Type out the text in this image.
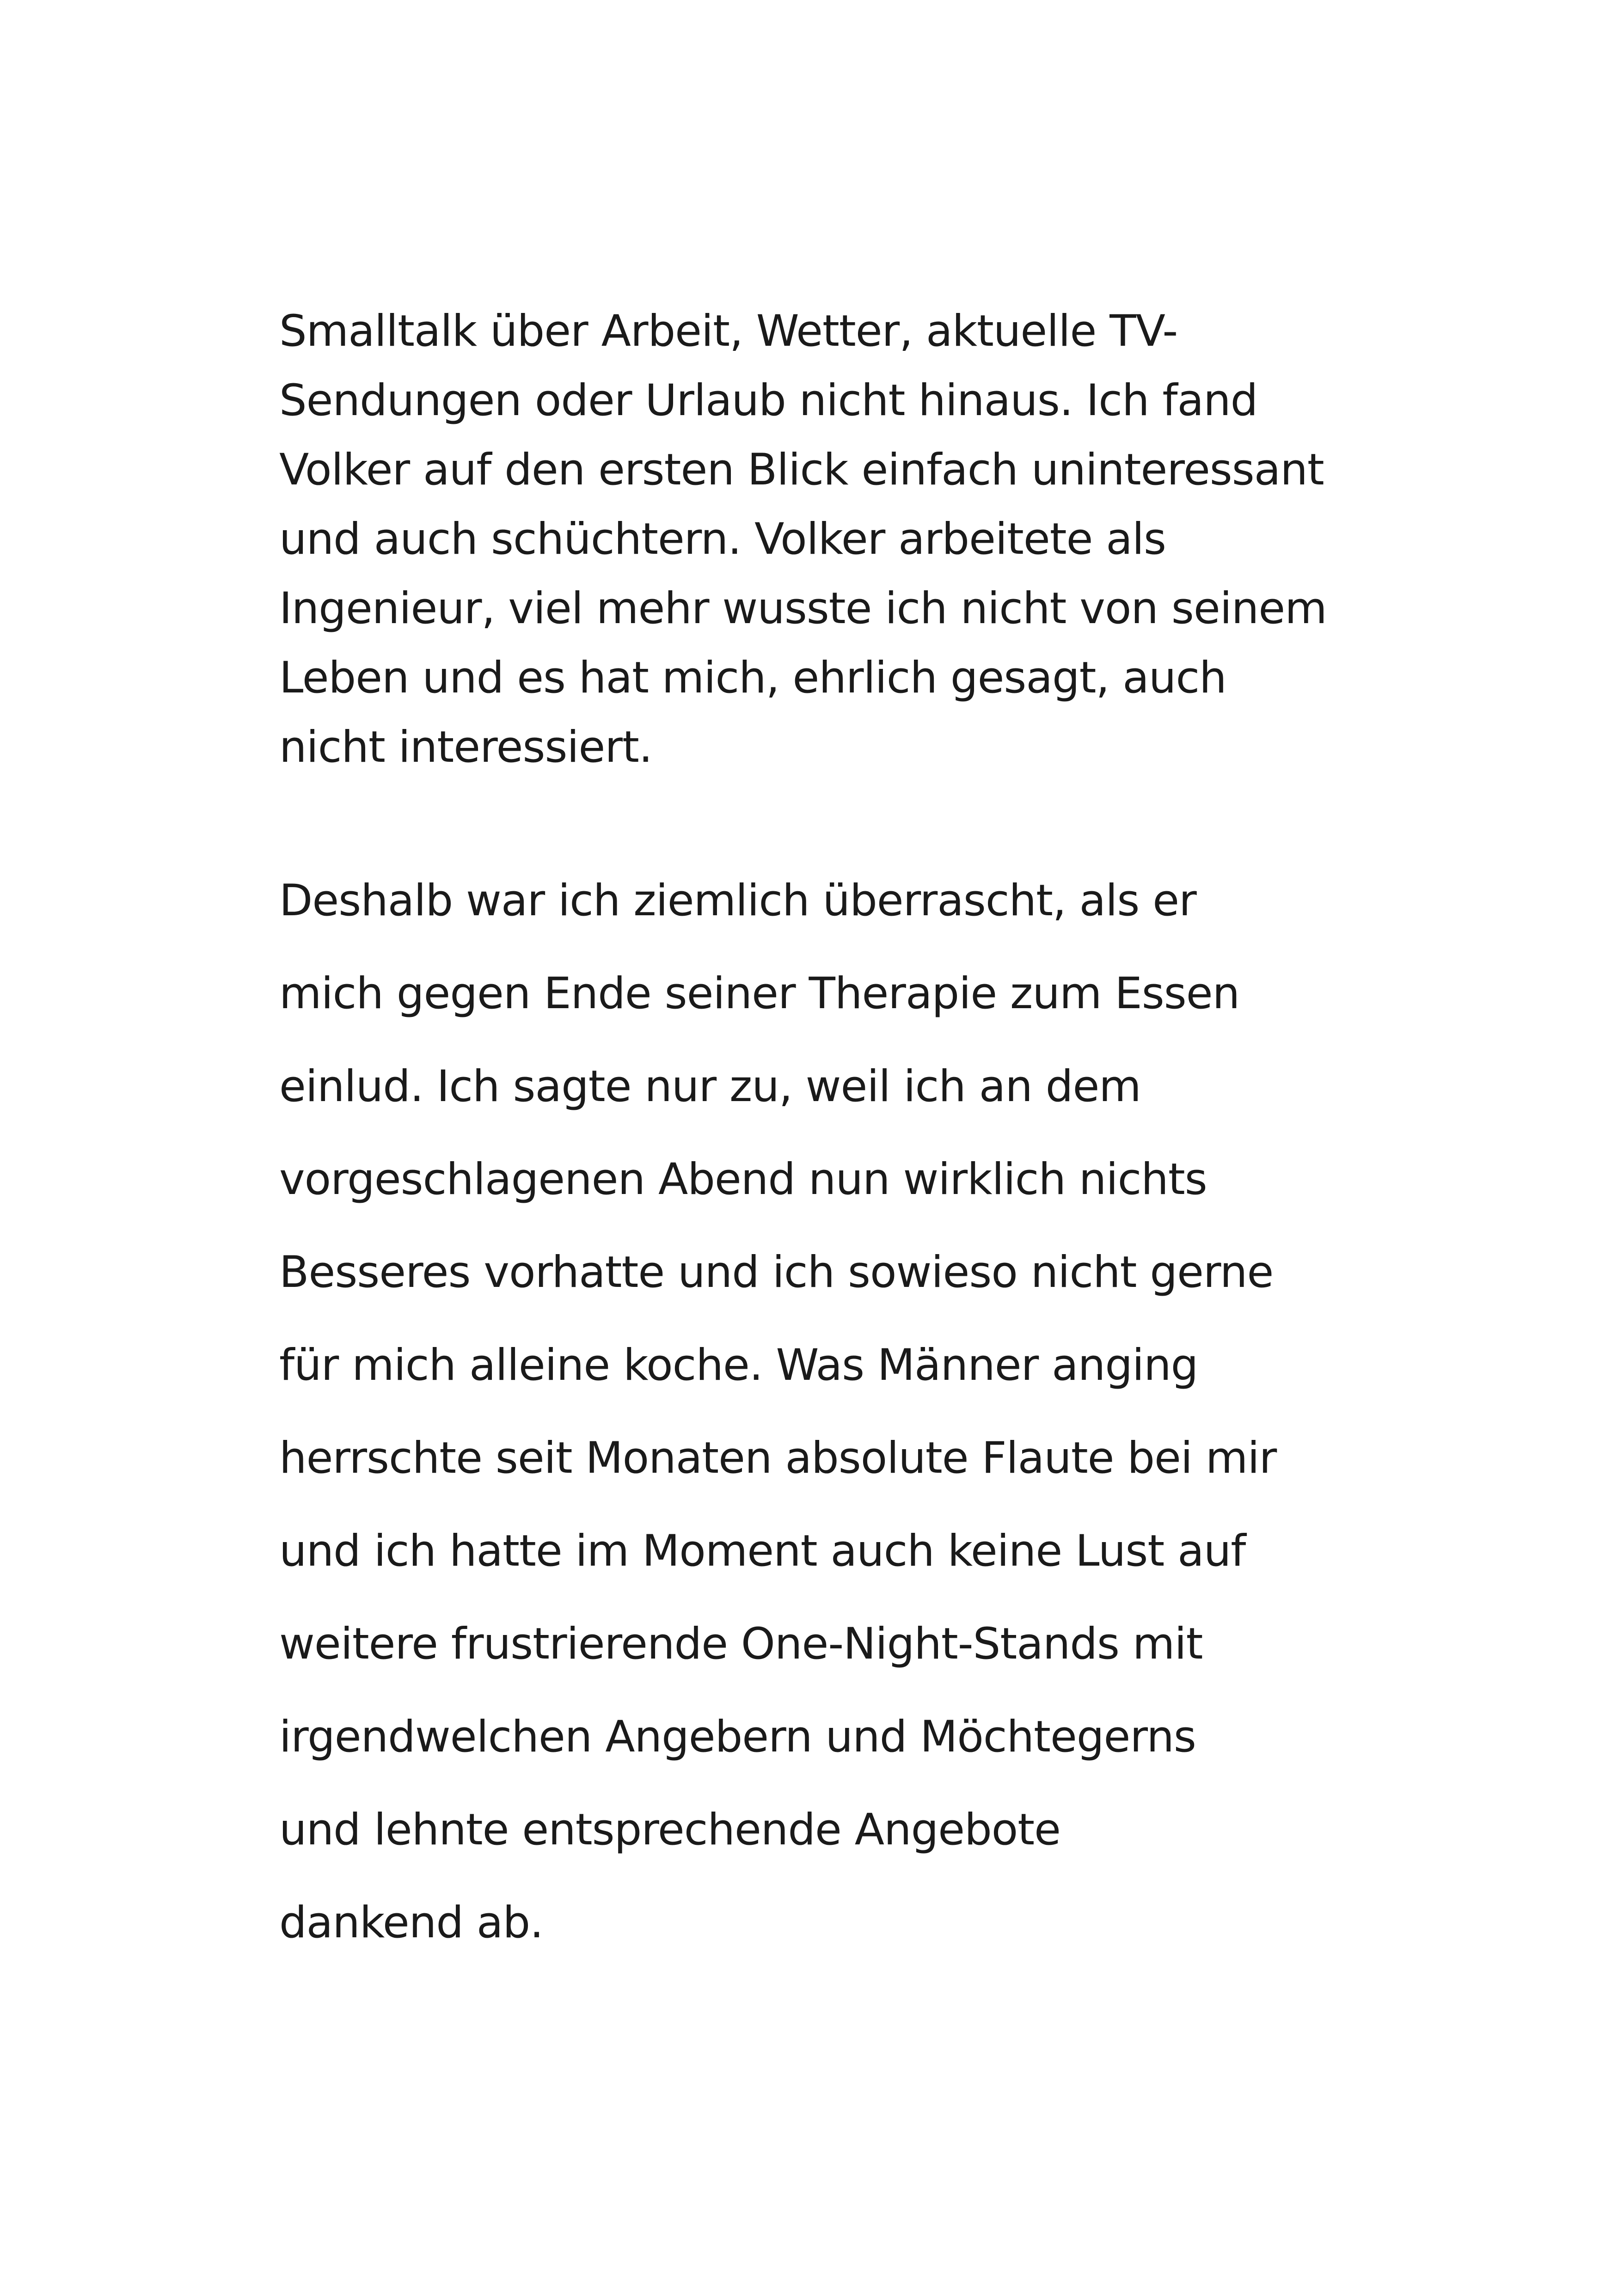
Smalltalk über Arbeit, Wetter, aktuelle TV-
Sendungen oder Urlaub nicht hinaus. Ich fand
Volker auf den ersten Blick einfach uninteressant
und auch schüchtern. Volker arbeitete als
Ingenieur, viel mehr wusste ich nicht von seinem
Leben und es hat mich, ehrlich gesagt, auch
nicht interessiert.
Deshalb war ich ziemlich überrascht, als er
mich gegen Ende seiner Therapie zum Essen
einlud. Ich sagte nur zu, weil ich an dem
vorgeschlagenen Abend nun wirklich nichts
Besseres vorhatte und ich sowieso nicht gerne
für mich alleine koche. Was Männer anging
herrschte seit Monaten absolute Flaute bei mir
und ich hatte im Moment auch keine Lust auf
weitere frustrierende One-Night-Stands mit
irgendwelchen Angebern und Möchtegerns
und lehnte entsprechende Angebote
dankend ab.
